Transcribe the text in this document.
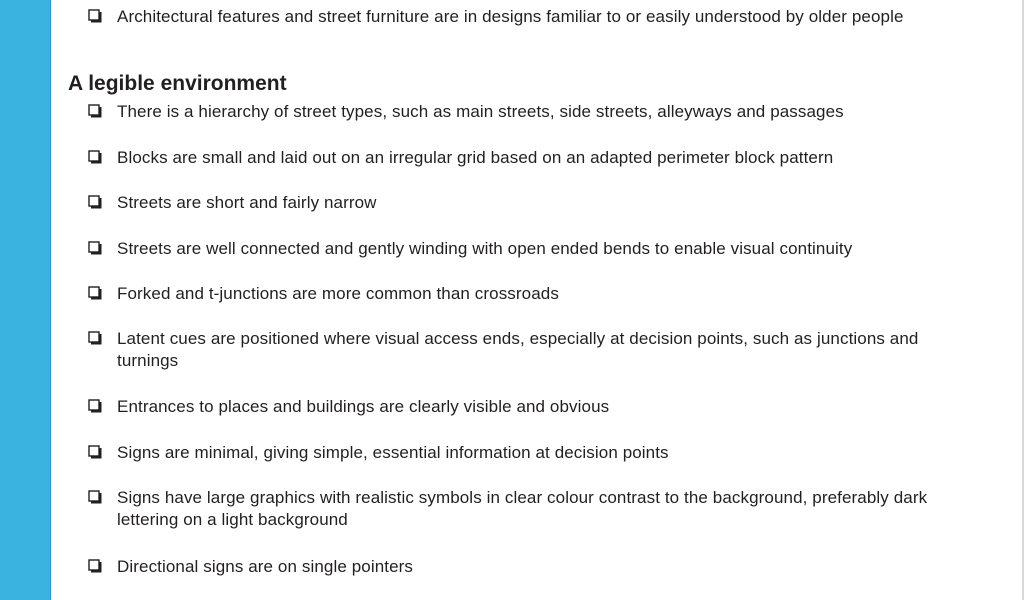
Architectural features and street furniture are in designs familiar to or easily understood by older people
A legible environment
There is a hierarchy of street types, such as main streets, side streets, alleyways and passages
Blocks are small and laid out on an irregular grid based on an adapted perimeter block pattern
Streets are short and fairly narrow
Streets are well connected and gently winding with open ended bends to enable visual continuity
Forked and t-junctions are more common than crossroads
Latent cues are positioned where visual access ends, especially at decision points, such as junctions and turnings
Entrances to places and buildings are clearly visible and obvious
Signs are minimal, giving simple, essential information at decision points
Signs have large graphics with realistic symbols in clear colour contrast to the background, preferably dark lettering on a light background
Directional signs are on single pointers
